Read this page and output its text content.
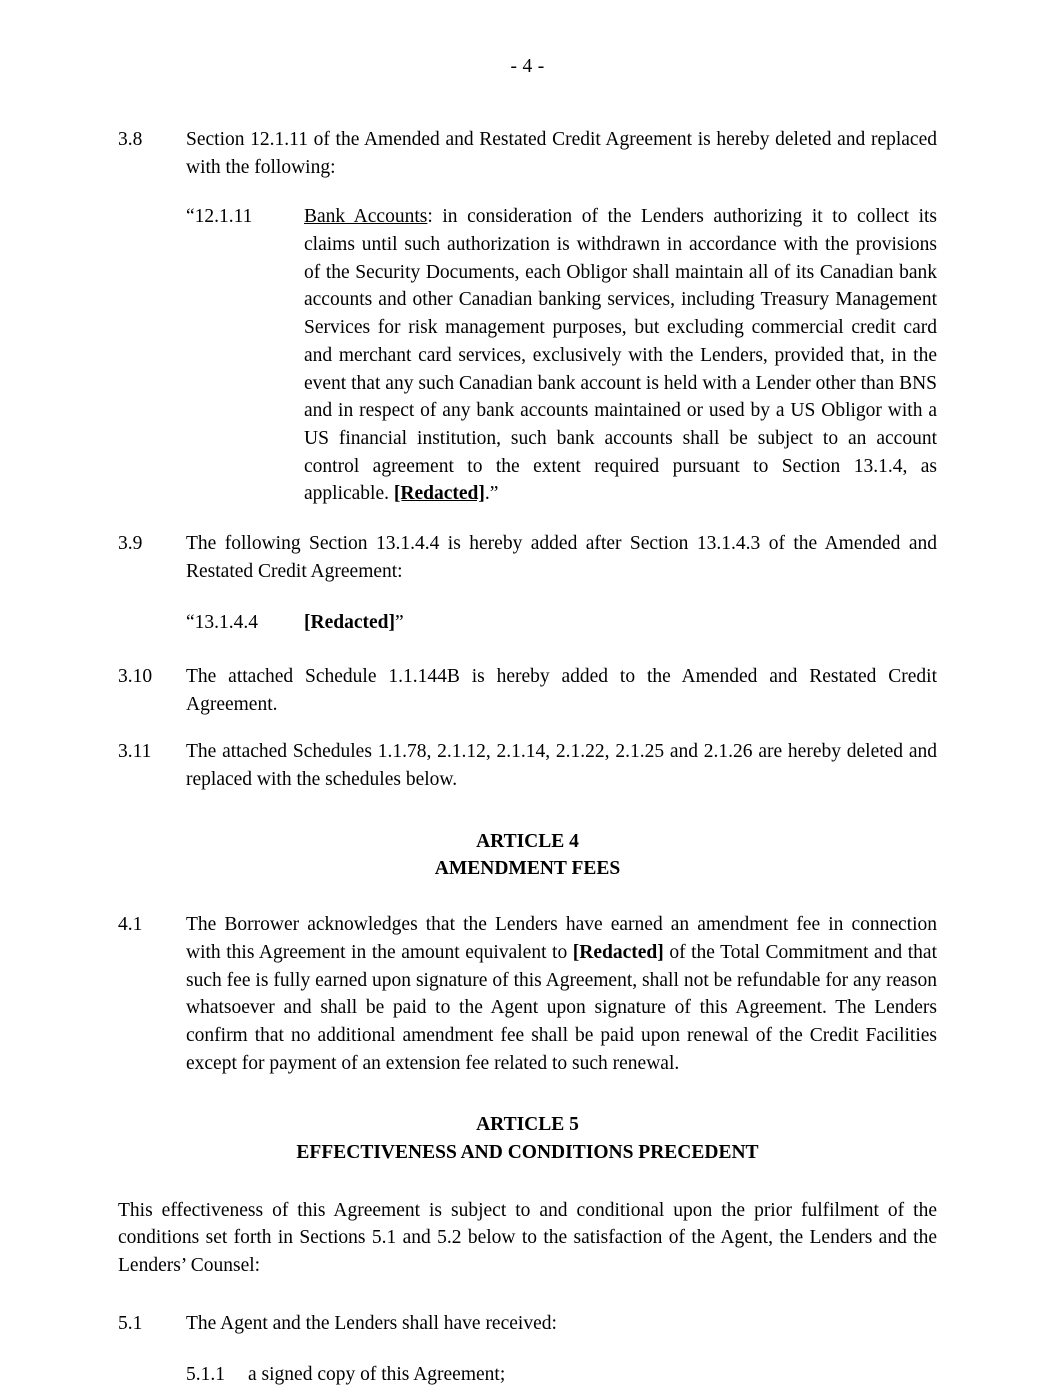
- 4 -
3.8	Section 12.1.11 of the Amended and Restated Credit Agreement is hereby deleted and replaced with the following:
“12.1.11	Bank Accounts: in consideration of the Lenders authorizing it to collect its claims until such authorization is withdrawn in accordance with the provisions of the Security Documents, each Obligor shall maintain all of its Canadian bank accounts and other Canadian banking services, including Treasury Management Services for risk management purposes, but excluding commercial credit card and merchant card services, exclusively with the Lenders, provided that, in the event that any such Canadian bank account is held with a Lender other than BNS and in respect of any bank accounts maintained or used by a US Obligor with a US financial institution, such bank accounts shall be subject to an account control agreement to the extent required pursuant to Section 13.1.4, as applicable. [Redacted].”
3.9	The following Section 13.1.4.4 is hereby added after Section 13.1.4.3 of the Amended and Restated Credit Agreement:
“13.1.4.4	[Redacted]”
3.10	The attached Schedule 1.1.144B is hereby added to the Amended and Restated Credit Agreement.
3.11	The attached Schedules 1.1.78, 2.1.12, 2.1.14, 2.1.22, 2.1.25 and 2.1.26 are hereby deleted and replaced with the schedules below.
ARTICLE 4
AMENDMENT FEES
4.1	The Borrower acknowledges that the Lenders have earned an amendment fee in connection with this Agreement in the amount equivalent to [Redacted] of the Total Commitment and that such fee is fully earned upon signature of this Agreement, shall not be refundable for any reason whatsoever and shall be paid to the Agent upon signature of this Agreement. The Lenders confirm that no additional amendment fee shall be paid upon renewal of the Credit Facilities except for payment of an extension fee related to such renewal.
ARTICLE 5
EFFECTIVENESS AND CONDITIONS PRECEDENT
This effectiveness of this Agreement is subject to and conditional upon the prior fulfilment of the conditions set forth in Sections 5.1 and 5.2 below to the satisfaction of the Agent, the Lenders and the Lenders’ Counsel:
5.1	The Agent and the Lenders shall have received:
5.1.1	a signed copy of this Agreement;
